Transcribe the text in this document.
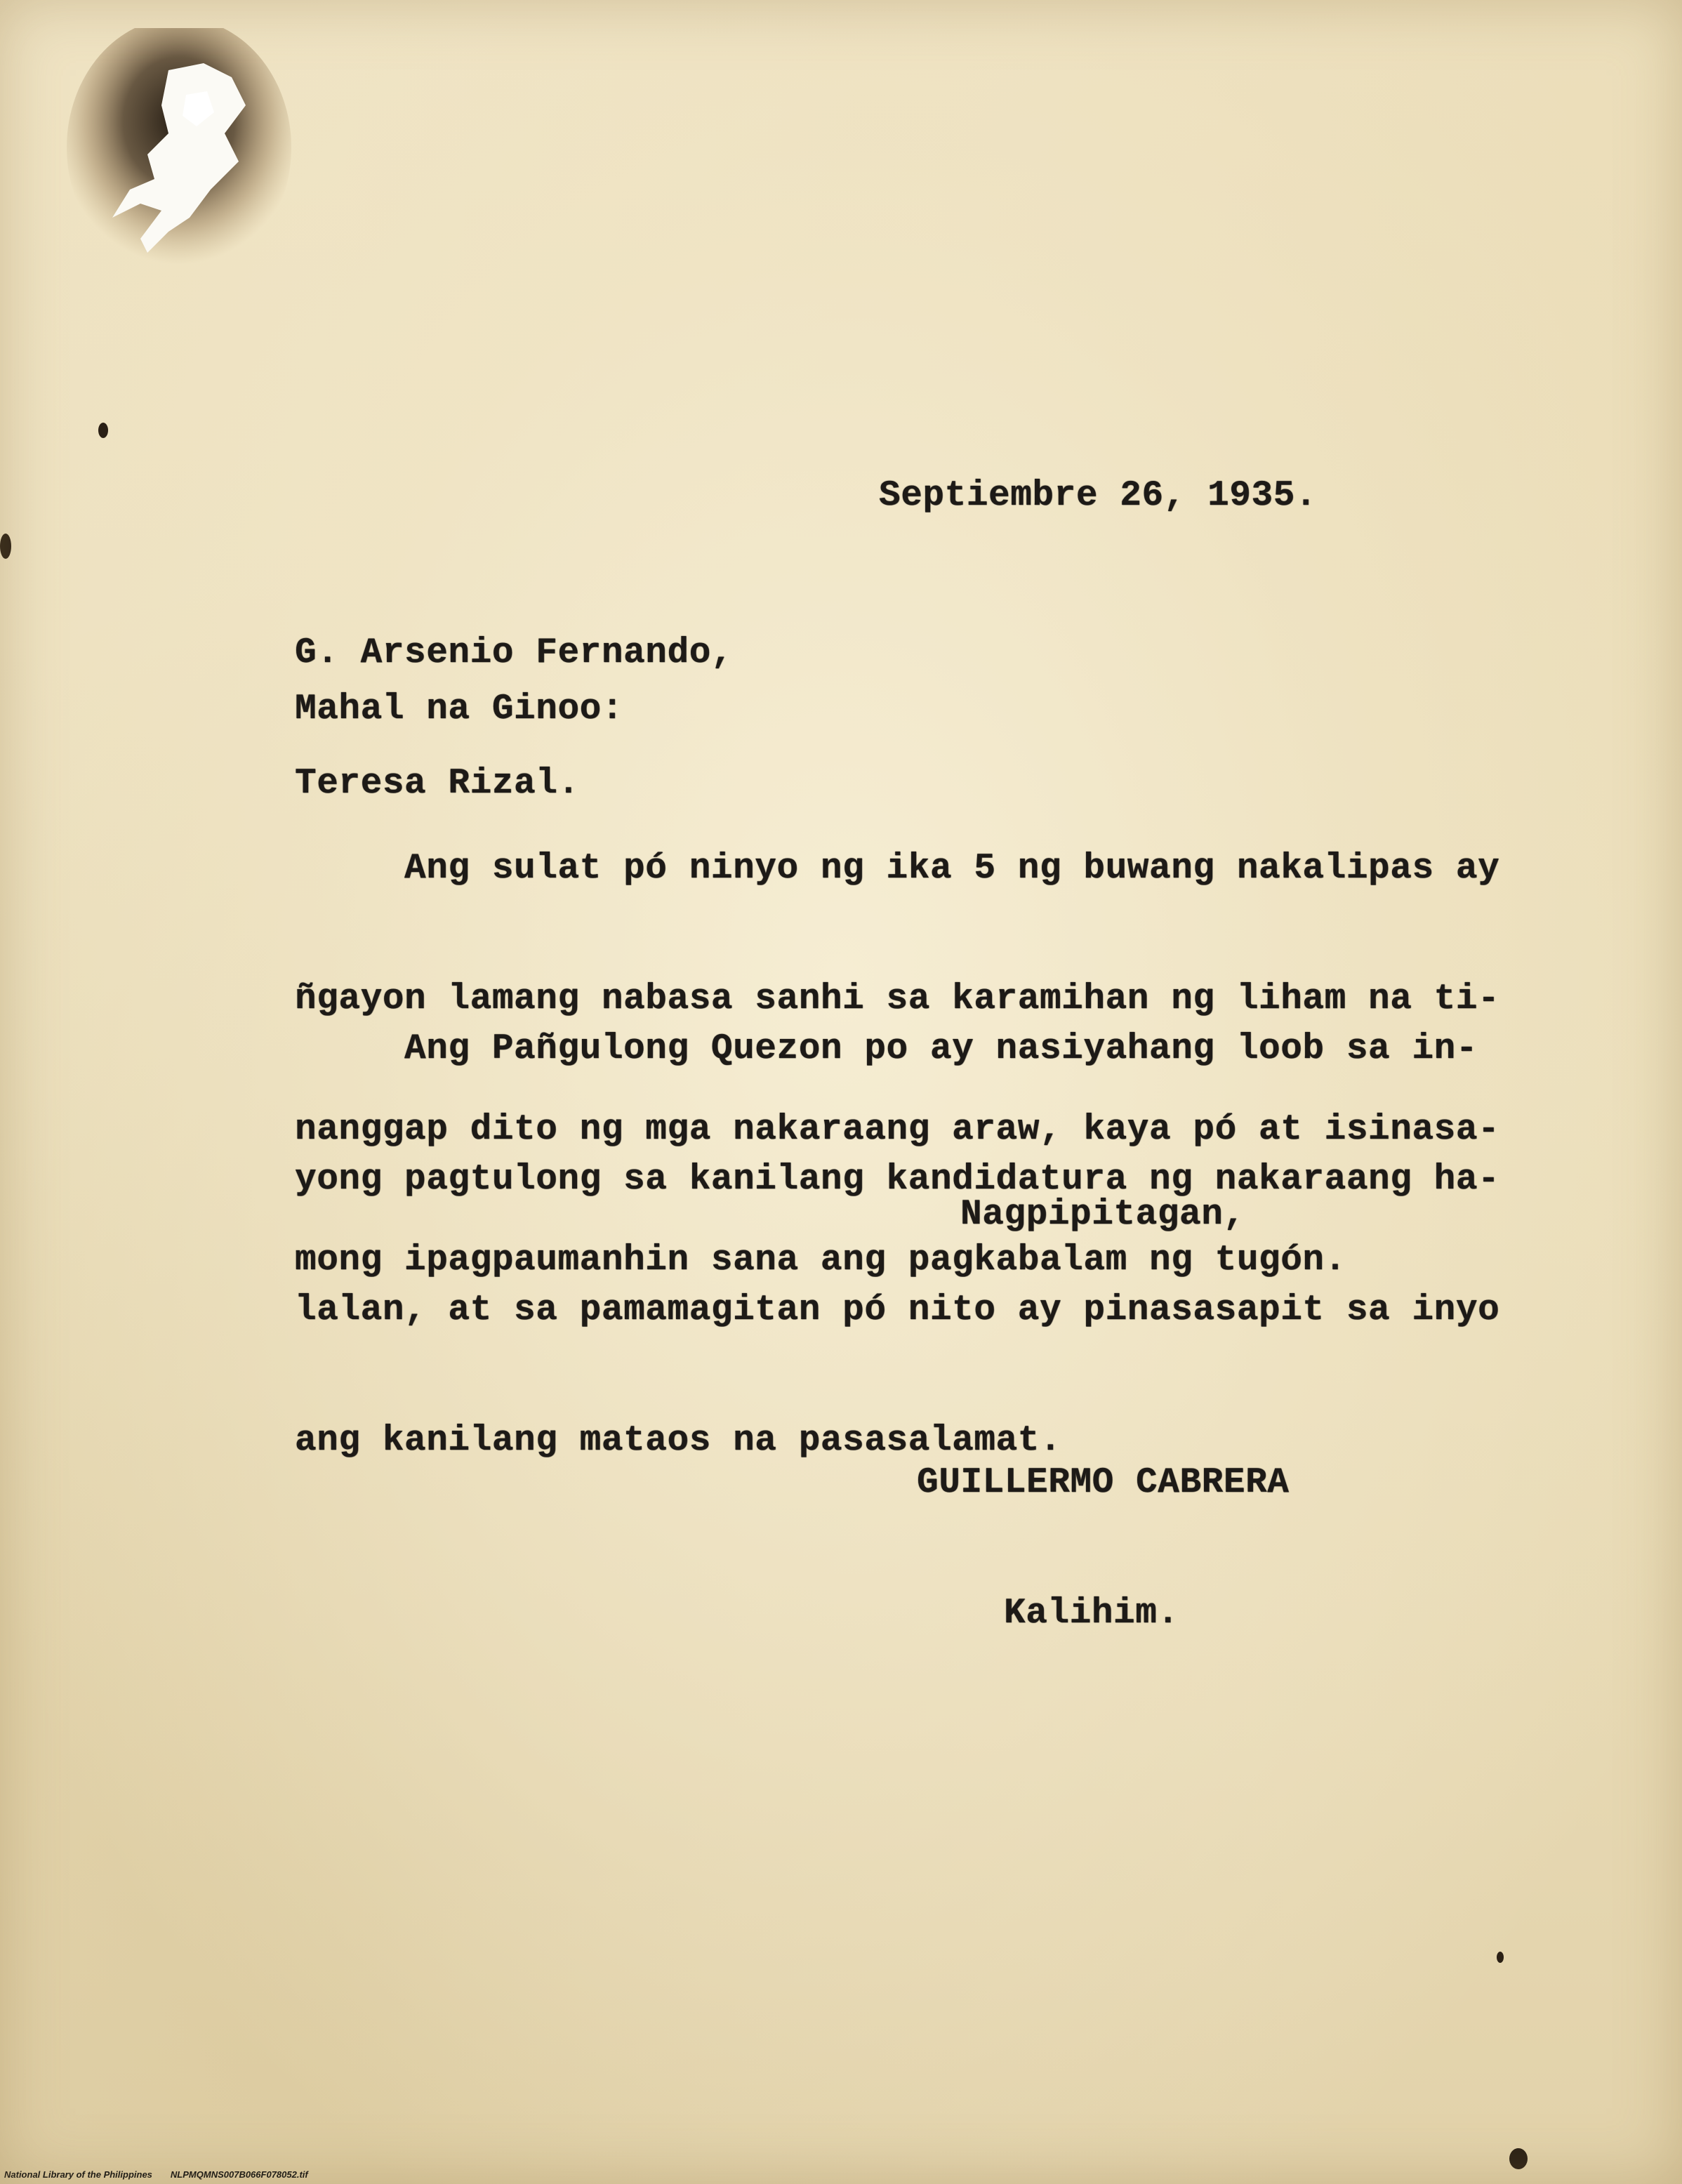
Septiembre 26, 1935.

G. Arsenio Fernando,

Teresa Rizal.

Mahal na Ginoo:

Ang sulat pó ninyo ng ika 5 ng buwang nakalipas ay

ñgayon lamang nabasa sanhi sa karamihan ng liham na ti-

nanggap dito ng mga nakaraang araw, kaya pó at isinasa-

mong ipagpaumanhin sana ang pagkabalam ng tugón.

Ang Pañgulong Quezon po ay nasiyahang loob sa in-

yong pagtulong sa kanilang kandidatura ng nakaraang ha-

lalan, at sa pamamagitan pó nito ay pinasasapit sa inyo

ang kanilang mataos na pasasalamat.

Nagpipitagan,

GUILLERMO CABRERA

Kalihim.

National Library of the Philippines NLPMQMNS007B066F078052.tif
